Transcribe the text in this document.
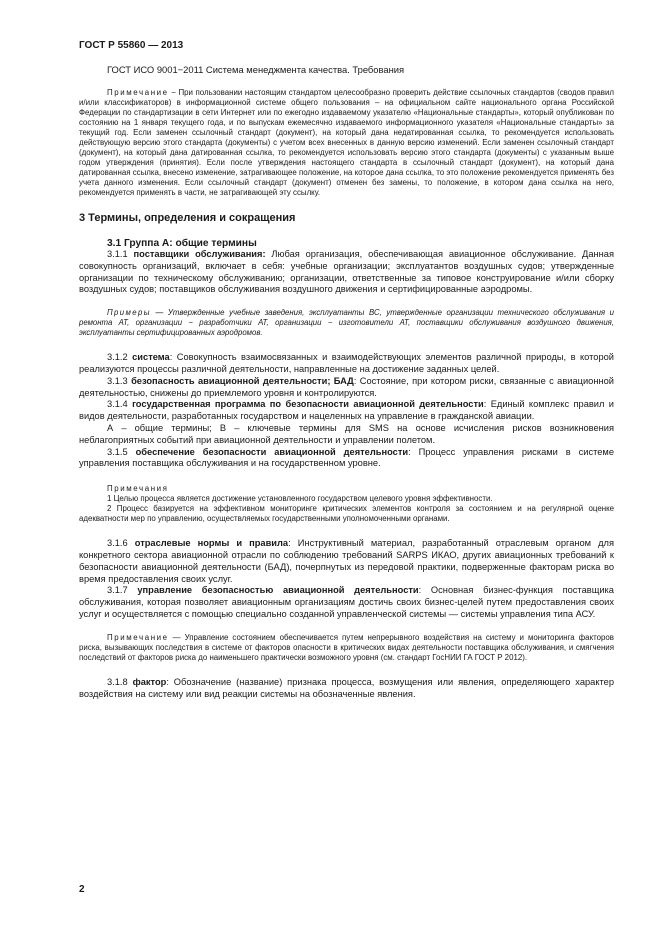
ГОСТ Р 55860 — 2013

ГОСТ ИСО 9001−2011 Система менеджмента качества. Требования

Примечание − При пользовании настоящим стандартом целесообразно проверить действие ссылочных стандартов (сводов правил и/или классификаторов) в информационной системе общего пользования – на официальном сайте национального органа Российской Федерации по стандартизации в сети Интернет или по ежегодно издаваемому указателю «Национальные стандарты», который опубликован по состоянию на 1 января текущего года, и по выпускам ежемесячно издаваемого информационного указателя «Национальные стандарты» за текущий год. Если заменен ссылочный стандарт (документ), на который дана недатированная ссылка, то рекомендуется использовать действующую версию этого стандарта (документы) с учетом всех внесенных в данную версию изменений. Если заменен ссылочный стандарт (документ), на который дана датированная ссылка, то рекомендуется использовать версию этого стандарта (документы) с указанным выше годом утверждения (принятия). Если после утверждения настоящего стандарта в ссылочный стандарт (документ), на который дана датированная ссылка, внесено изменение, затрагивающее положение, на которое дана ссылка, то это положение рекомендуется применять без учета данного изменения. Если ссылочный стандарт (документ) отменен без замены, то положение, в котором дана ссылка на него, рекомендуется применять в части, не затрагивающей эту ссылку.

3 Термины, определения и сокращения
3.1 Группа А: общие термины

3.1.1 поставщики обслуживания: Любая организация, обеспечивающая авиационное обслуживание. Данная совокупность организаций, включает в себя: учебные организации; эксплуатантов воздушных судов; утвержденные организации по техническому обслуживанию; организации, ответственные за типовое конструирование и/или сборку воздушных судов; поставщиков обслуживания воздушного движения и сертифицированные аэродромы.

Примеры — Утвержденные учебные заведения, эксплуатанты ВС, утвержденные организации технического обслуживания и ремонта АТ, организации − разработчики АТ, организации − изготовители АТ, поставщики обслуживания воздушного движения, эксплуатанты сертифицированных аэродромов.

3.1.2 система: Совокупность взаимосвязанных и взаимодействующих элементов различной природы, в которой реализуются процессы различной деятельности, направленные на достижение заданных целей.

3.1.3 безопасность авиационной деятельности; БАД: Состояние, при котором риски, связанные с авиационной деятельностью, снижены до приемлемого уровня и контролируются.

3.1.4 государственная программа по безопасности авиационной деятельности: Единый комплекс правил и видов деятельности, разработанных государством и нацеленных на управление в гражданской авиации.

А – общие термины; В – ключевые термины для SMS на основе исчисления рисков возникновения неблагоприятных событий при авиационной деятельности и управлении полетом.

3.1.5 обеспечение безопасности авиационной деятельности: Процесс управления рисками в системе управления поставщика обслуживания и на государственном уровне.

Примечания

1 Целью процесса является достижение установленного государством целевого уровня эффективности.

2 Процесс базируется на эффективном мониторинге критических элементов контроля за состоянием и на регулярной оценке адекватности мер по управлению, осуществляемых государственными уполномоченными органами.

3.1.6 отраслевые нормы и правила: Инструктивный материал, разработанный отраслевым органом для конкретного сектора авиационной отрасли по соблюдению требований SARPS ИКАО, других авиационных требований к безопасности авиационной деятельности (БАД), почерпнутых из передовой практики, подверженные факторам риска во время предоставления своих услуг.

3.1.7 управление безопасностью авиационной деятельности: Основная бизнес-функция поставщика обслуживания, которая позволяет авиационным организациям достичь своих бизнес-целей путем предоставления своих услуг и осуществляется с помощью специально созданной управленческой системы — системы управления типа АСУ.

Примечание — Управление состоянием обеспечивается путем непрерывного воздействия на систему и мониторинга факторов риска, вызывающих последствия в системе от факторов опасности в критических видах деятельности поставщика обслуживания, и смягчения последствий от факторов риска до наименьшего практически возможного уровня (см. стандарт ГосНИИ ГА ГОСТ Р 2012).

3.1.8 фактор: Обозначение (название) признака процесса, возмущения или явления, определяющего характер воздействия на систему или вид реакции системы на обозначенные явления.

2
